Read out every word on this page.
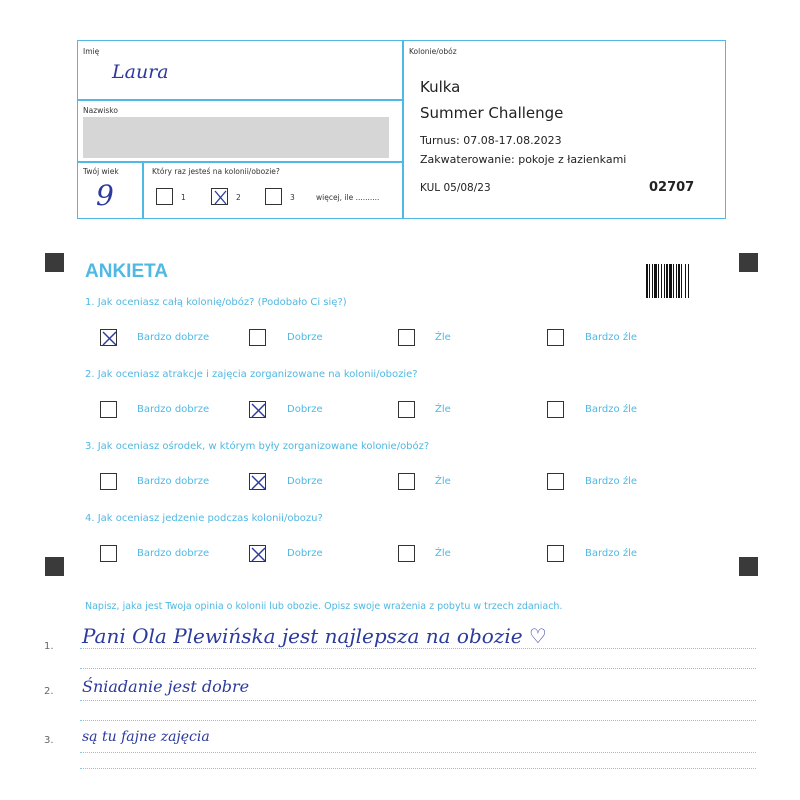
Imię
Laura
Nazwisko
Twój wiek
9
Który raz jesteś na kolonii/obozie?
1	2	3	więcej, ile ..........
Kolonie/obóz
Kulka
Summer Challenge
Turnus: 07.08-17.08.2023
Zakwaterowanie: pokoje z łazienkami
KUL 05/08/23	02707
ANKIETA
1. Jak oceniasz całą kolonię/obóz? (Podobało Ci się?)
Bardzo dobrze	Dobrze	Źle	Bardzo źle
2. Jak oceniasz atrakcje i zajęcia zorganizowane na kolonii/obozie?
Bardzo dobrze	Dobrze	Źle	Bardzo źle
3. Jak oceniasz ośrodek, w którym były zorganizowane kolonie/obóz?
Bardzo dobrze	Dobrze	Źle	Bardzo źle
4. Jak oceniasz jedzenie podczas kolonii/obozu?
Bardzo dobrze	Dobrze	Źle	Bardzo źle
Napisz, jaka jest Twoja opinia o kolonii lub obozie. Opisz swoje wrażenia z pobytu w trzech zdaniach.
1. Pani Ola Plewińska jest najlepsza na obozie ♡
2. Śniadanie jest dobre
3. są tu fajne zajęcia
